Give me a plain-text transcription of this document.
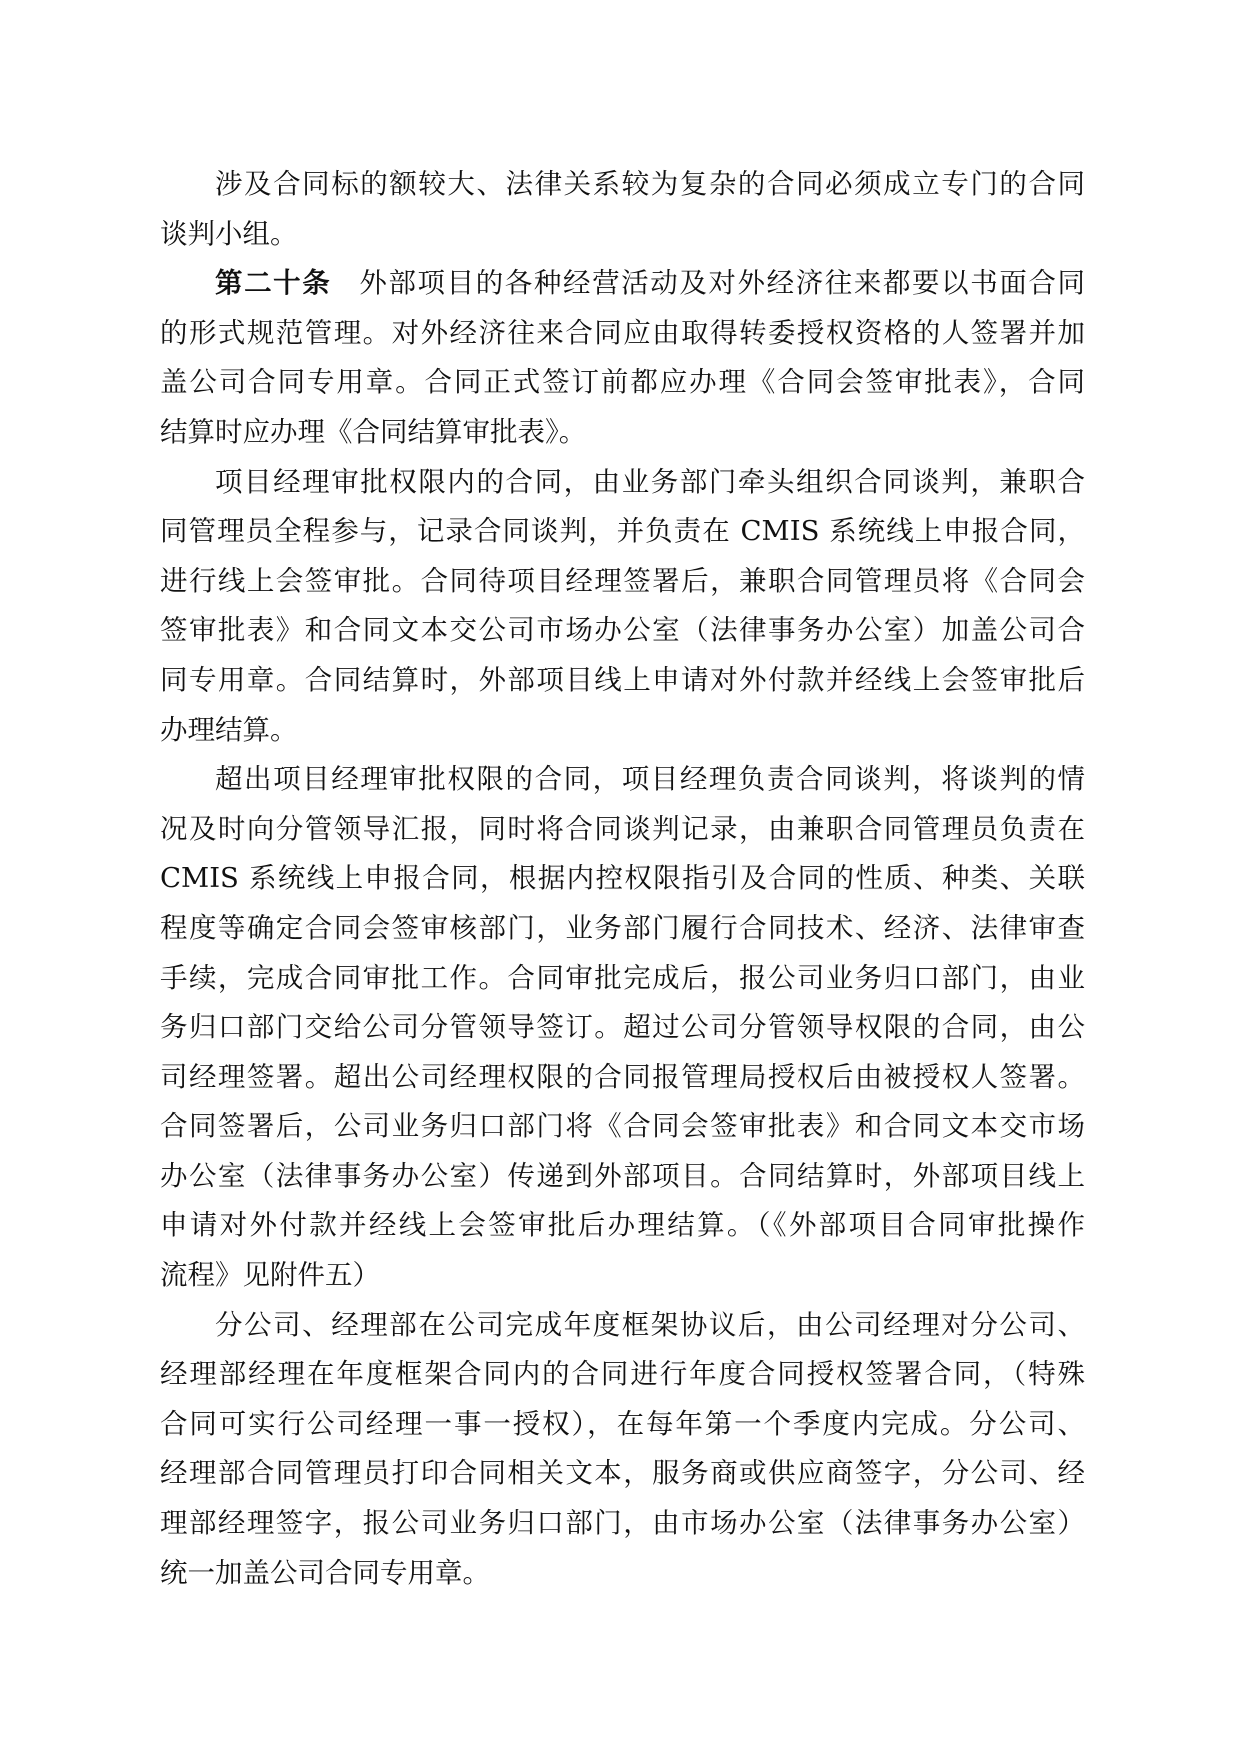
涉及合同标的额较大、法律关系较为复杂的合同必须成立专门的合同
谈判小组。
第二十条 外部项目的各种经营活动及对外经济往来都要以书面合同
的形式规范管理。对外经济往来合同应由取得转委授权资格的人签署并加
盖公司合同专用章。合同正式签订前都应办理《合同会签审批表》，合同
结算时应办理《合同结算审批表》。
项目经理审批权限内的合同，由业务部门牵头组织合同谈判，兼职合
同管理员全程参与，记录合同谈判，并负责在 CMIS 系统线上申报合同，
进行线上会签审批。合同待项目经理签署后，兼职合同管理员将《合同会
签审批表》和合同文本交公司市场办公室（法律事务办公室）加盖公司合
同专用章。合同结算时，外部项目线上申请对外付款并经线上会签审批后
办理结算。
超出项目经理审批权限的合同，项目经理负责合同谈判，将谈判的情
况及时向分管领导汇报，同时将合同谈判记录，由兼职合同管理员负责在
CMIS 系统线上申报合同，根据内控权限指引及合同的性质、种类、关联
程度等确定合同会签审核部门，业务部门履行合同技术、经济、法律审查
手续，完成合同审批工作。合同审批完成后，报公司业务归口部门，由业
务归口部门交给公司分管领导签订。超过公司分管领导权限的合同，由公
司经理签署。超出公司经理权限的合同报管理局授权后由被授权人签署。
合同签署后，公司业务归口部门将《合同会签审批表》和合同文本交市场
办公室（法律事务办公室）传递到外部项目。合同结算时，外部项目线上
申请对外付款并经线上会签审批后办理结算。（《外部项目合同审批操作
流程》见附件五）
分公司、经理部在公司完成年度框架协议后，由公司经理对分公司、
经理部经理在年度框架合同内的合同进行年度合同授权签署合同，（特殊
合同可实行公司经理一事一授权），在每年第一个季度内完成。分公司、
经理部合同管理员打印合同相关文本，服务商或供应商签字，分公司、经
理部经理签字，报公司业务归口部门，由市场办公室（法律事务办公室）
统一加盖公司合同专用章。
